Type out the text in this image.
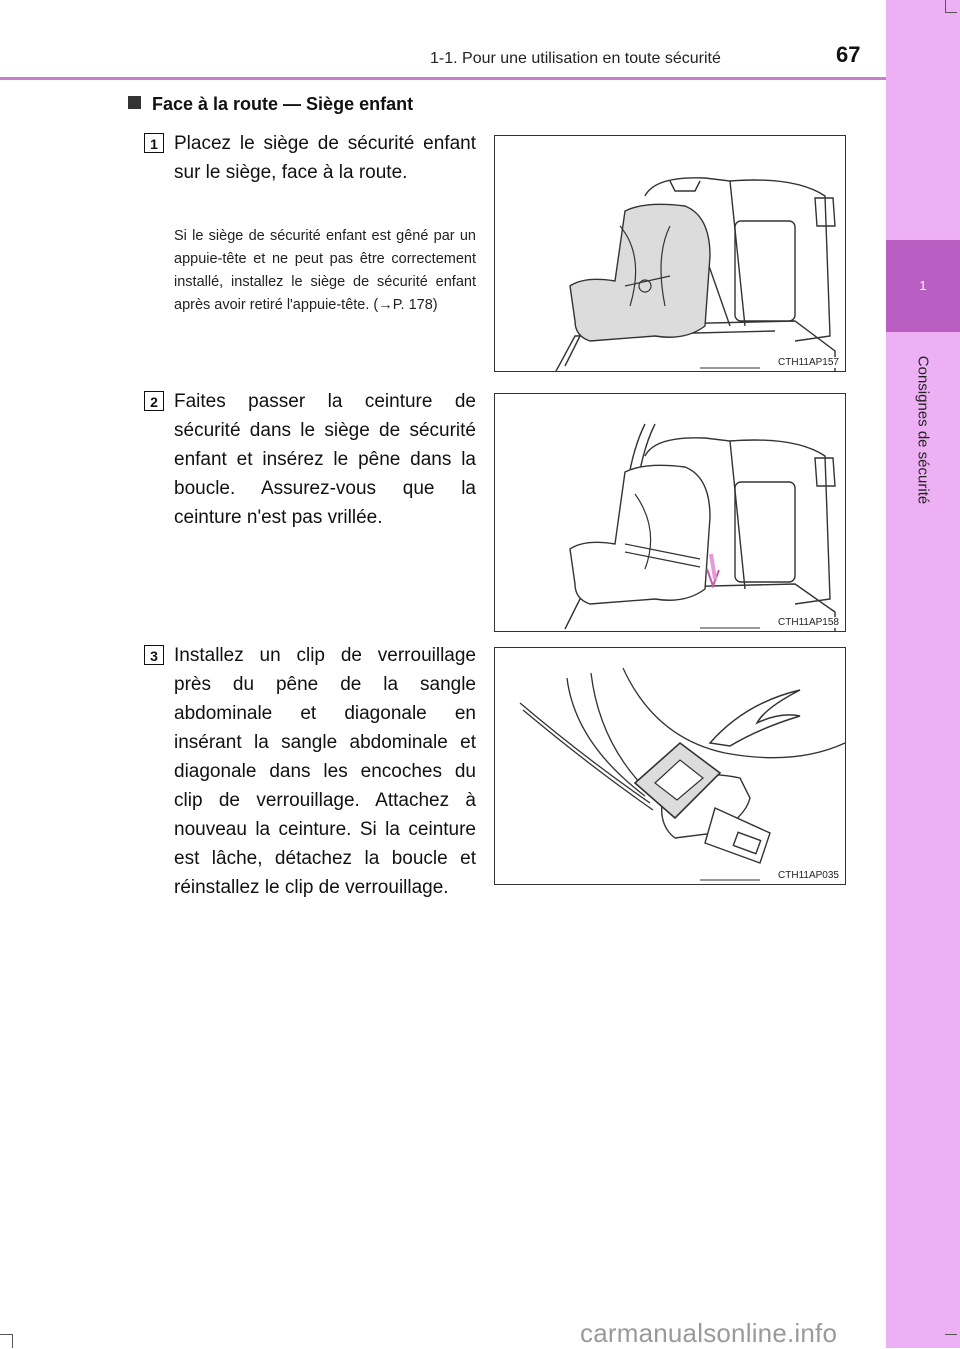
1
Consignes de sécurité
1-1. Pour une utilisation en toute sécurité	67
Face à la route — Siège enfant
1 Placez le siège de sécurité enfant sur le siège, face à la route.
Si le siège de sécurité enfant est gêné par un appuie-tête et ne peut pas être correctement installé, installez le siège de sécurité enfant après avoir retiré l'appuie-tête. (→P. 178)
CTH11AP157
2 Faites passer la ceinture de sécurité dans le siège de sécurité enfant et insérez le pêne dans la boucle. Assurez-vous que la ceinture n'est pas vrillée.
CTH11AP158
3 Installez un clip de verrouillage près du pêne de la sangle abdominale et diagonale en insérant la sangle abdominale et diagonale dans les encoches du clip de verrouillage. Attachez à nouveau la ceinture. Si la ceinture est lâche, détachez la boucle et réinstallez le clip de verrouillage.
CTH11AP035
carmanualsonline.info
